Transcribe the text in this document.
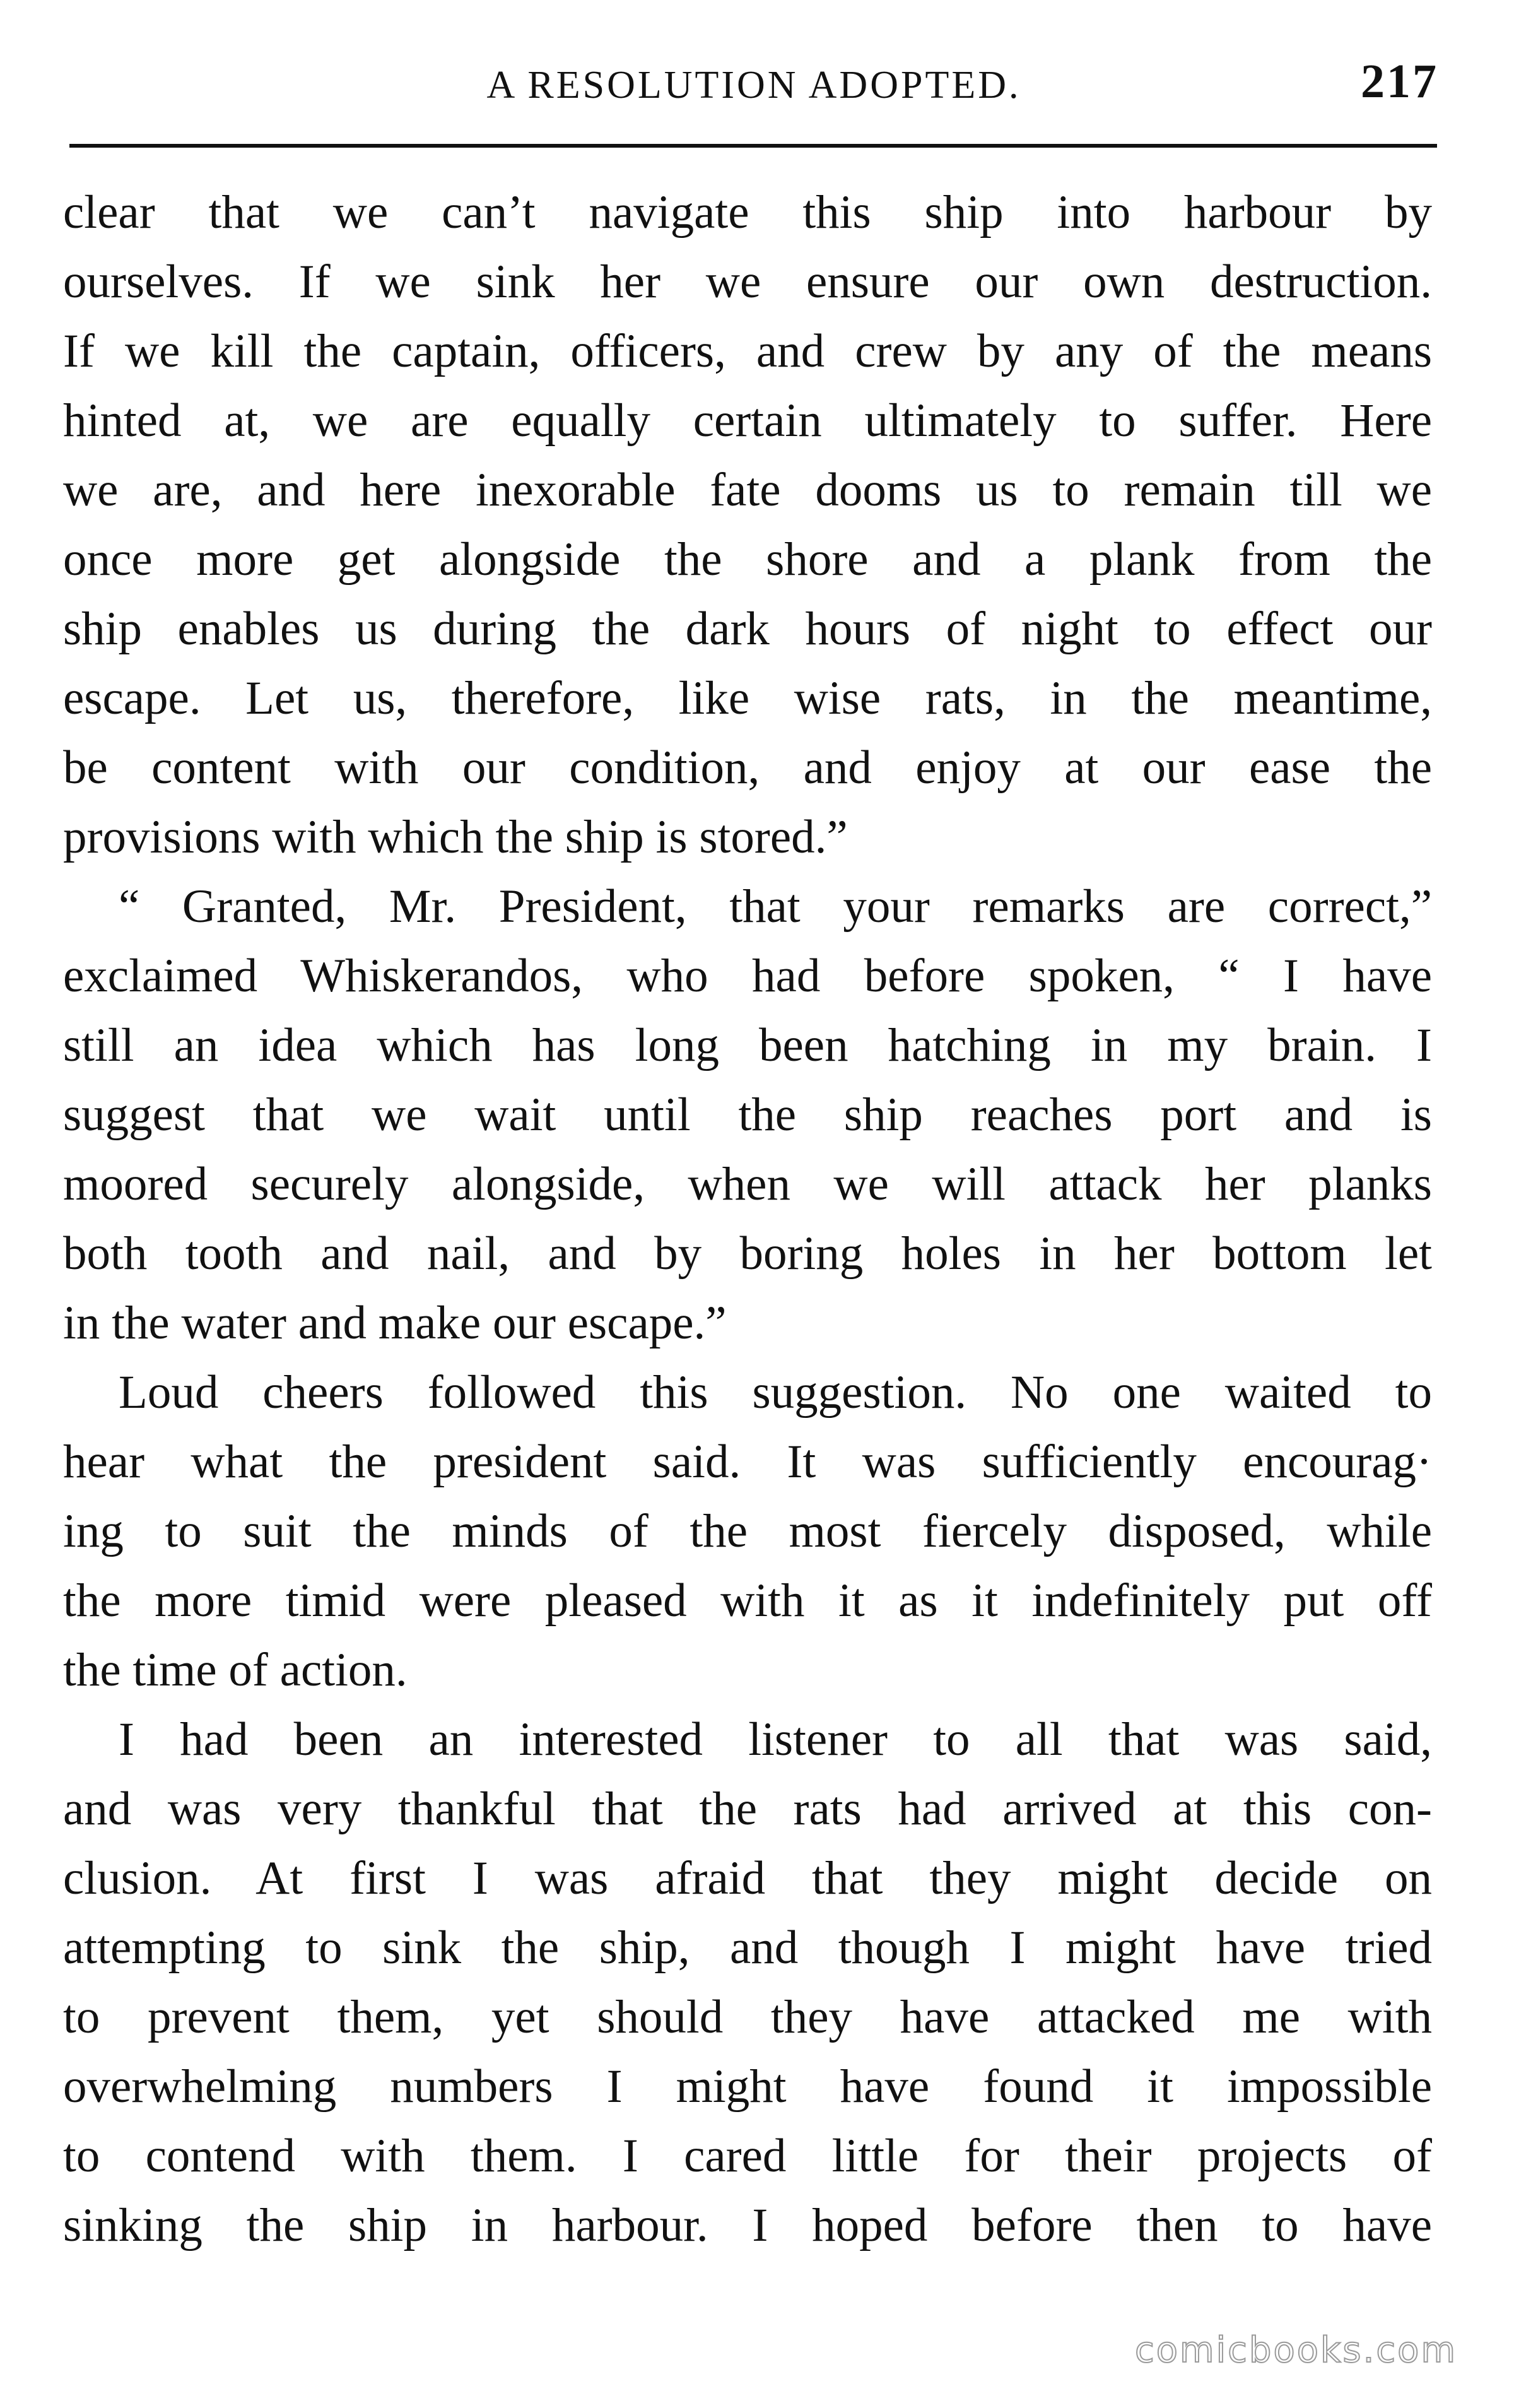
A RESOLUTION ADOPTED.	217
clear that we can’t navigate this ship into harbour by
ourselves. If we sink her we ensure our own destruction.
If we kill the captain, officers, and crew by any of the means
hinted at, we are equally certain ultimately to suffer. Here
we are, and here inexorable fate dooms us to remain till we
once more get alongside the shore and a plank from the
ship enables us during the dark hours of night to effect our
escape. Let us, therefore, like wise rats, in the meantime,
be content with our condition, and enjoy at our ease the
provisions with which the ship is stored.”
“ Granted, Mr. President, that your remarks are correct,”
exclaimed Whiskerandos, who had before spoken, “ I have
still an idea which has long been hatching in my brain. I
suggest that we wait until the ship reaches port and is
moored securely alongside, when we will attack her planks
both tooth and nail, and by boring holes in her bottom let
in the water and make our escape.”
Loud cheers followed this suggestion. No one waited to
hear what the president said. It was sufficiently encourag·
ing to suit the minds of the most fiercely disposed, while
the more timid were pleased with it as it indefinitely put off
the time of action.
I had been an interested listener to all that was said,
and was very thankful that the rats had arrived at this con-
clusion. At first I was afraid that they might decide on
attempting to sink the ship, and though I might have tried
to prevent them, yet should they have attacked me with
overwhelming numbers I might have found it impossible
to contend with them. I cared little for their projects of
sinking the ship in harbour. I hoped before then to have
comicbooks.com
